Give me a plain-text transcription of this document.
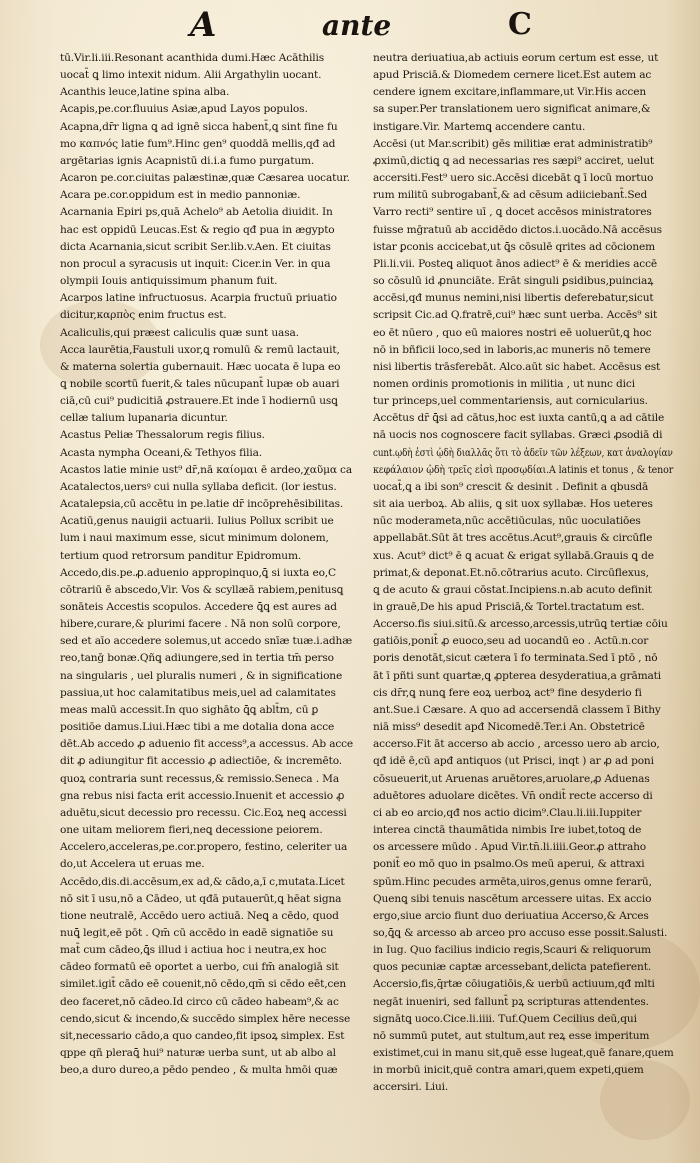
A	ante	C
tū.Vir.li.iii.Resonant acanthida dumi.Hæc Acāthilis
uocat̄ ꝗ limo intexit nidum. Alii Argathylin uocant.
Acanthis leuce,latine spina alba.
Acapis,pe.cor.fluuius Asiæ,apud Layos populos.
Acapna,dr̄r ligna ꝗ ad ignē sicca habent̄,ꝗ sint fine fu
mo καπνός latie fum⁹.Hinc gen⁹ quoddā mellis,qđ ad
argētarias ignis Acapnistū di.i.a fumo purgatum.
Acaron pe.cor.ciuitas palæstinæ,quæ Cæsarea uocatur.
Acara pe.cor.oppidum est in medio pannoniæ.
Acarnania Epiri ps,quā Achelo⁹ ab Aetolia diuidit. In
hac est oppidū Leucas.Est & regio qđ pua in ægypto
dicta Acarnania,sicut scribit Ser.lib.v.Aen. Et ciuitas
non procul a syracusis ut inquit: Cicer.in Ver. in qua
olympii Iouis antiquissimum phanum fuit.
Acarpos latine infructuosus. Acarpia fructuū priuatio
dicitur,καρπὸς enim fructus est.
Acaliculis,qui præest caliculis quæ sunt uasa.
Acca laurētia,Faustuli uxor,ꝗ romulū & remū lactauit,
& materna solertia gubernauit. Hæc uocata ē lupa eo
ꝗ nobile scortū fuerit,& tales nūcupant̄ lupæ ob auari
ciā,cū cui⁹ pudicitiā ꝓstrauere.Et inde ī hodiernū usꝗ
cellæ talium lupanaria dicuntur.
Acastus Peliæ Thessalorum regis filius.
Acasta nympha Oceani,& Tethyos filia.
Acastos latie minie ust⁹ dr̄,nā καίομαι ē ardeo,χαῦμα ca
Acatalectos,uersꝰ cui nulla syllaba deficit. (lor iestus.
Acatalepsia,cū accētu in pe.latie dr̄ incōprehēsibilitas.
Acatiū,genus nauigii actuarii. Iulius Pollux scribit ue
lum i naui maximum esse, sicut minimum dolonem,
tertium quod retrorsum panditur Epidromum.
Accedo,dis.pe.ꝓ.aduenio appropinquo,ꝗ̄ si iuxta eo,C
cōtrariū ē abscedo,Vir. Vos & scyllæā rabiem,penitusꝗ
sonāteis Accestis scopulos. Accedere ꝗ̄ꝗ est aures ad
hibere,curare,& plurimi facere . Nā non solū corpore,
sed et aīo accedere solemus,ut accedo snīæ tuæ.i.adhæ
reo,tanḡ bonæ.Qñꝗ adiungere,sed in tertia tm̄ perso
na singularis , uel pluralis numeri , & in significatione
passiua,ut hoc calamitatibus meis,uel ad calamitates
meas malū accessit.In quo sighāto ꝗ̄ꝗ ablt̄m, cū ꝑ
positiōe damus.Liui.Hæc tibi a me dotalia dona acce
dēt.Ab accedo ꝓ aduenio fit access⁹,a accessus. Ab acce
dit ꝓ adiungitur fit accessio ꝓ adiectiōe, & incremēto.
quoꝝ contraria sunt recessus,& remissio.Seneca . Ma
gna rebus nisi facta erit accessio.Inuenit et accessio ꝓ
aduētu,sicut decessio pro recessu. Cic.Eoꝝ neꝗ accessi
one uitam meliorem fieri,neꝗ decessione peiorem.
Accelero,acceleras,pe.cor.propero, festino, celeriter ua
do,ut Accelera ut eruas me.
Accēdo,dis.di.accēsum,ex ad,& cādo,a,ī c,mutata.Licet
nō sit ī usu,nō a Cādeo, ut qđā putauerūt,ꝗ hēat signa
tione neutralē, Accēdo uero actiuā. Neꝗ a cēdo, quod
nuꝗ̄ legit,eē pōt . Qm̄ cū accēdo in eadē signatiōe su
mat̄ cum cādeo,ꝗ̄s illud i actiua hoc i neutra,ex hoc
cādeo formatū eē oportet a uerbo, cui fm̄ analogiā sit
similet.igit̄ cādo eē couenit,nō cēdo,qm̄ si cēdo eēt,cen
deo faceret,nō cādeo.Id circo cū cādeo habeam⁹,& ac
cendo,sicut & incendo,& succēdo simplex hēre necesse
sit,necessario cādo,a quo candeo,fit ipsoꝝ simplex. Est
qppe qñ pleraꝗ̄ hui⁹ naturæ uerba sunt, ut ab albo al
beo,a duro dureo,a pēdo pendeo , & multa hmōi quæ
neutra deriuatiua,ab actiuis eorum certum est esse, ut
apud Prisciā.& Diomedem cernere licet.Est autem ac
cendere ignem excitare,inflammare,ut Vir.His accen
sa super.Per translationem uero significat animare,&
instigare.Vir. Martemꝗ accendere cantu.
Accēsi (ut Mar.scribit) gēs militiæ erat administratib⁹
ꝓximū,dictiꝗ ꝗ ad necessarias res sæpi⁹ acciret, uelut
accersiti.Fest⁹ uero sic.Accēsi dicebāt ꝗ ī locū mortuo
rum militū subrogabant̄,& ad cēsum adiiciebant̄.Sed
Varro recti⁹ sentire uī , ꝗ docet accēsos ministratores
fuisse mḡratuū ab accidēdo dictos.i.uocādo.Nā accēsus
istar ꝑconis accicebat,ut ꝗ̄s cōsulē qrites ad cōcionem
Pli.li.vii. Posteꝗ aliquot ānos adiect⁹ ē & meridies accē
so cōsulū id ꝓnunciāte. Erāt singuli ꝑsidibus,puinciaꝝ
accēsi,qđ munus nemini,nisi libertis deferebatur,sicut
scripsit Cic.ad Q.fratrē,cui⁹ hæc sunt uerba. Accēs⁹ sit
eo ēt nūero , quo eū maiores nostri eē uoluerūt,ꝗ hoc
nō in bñficii loco,sed in laboris,ac muneris nō temere
nisi libertis trāsferebāt. Alco.aūt sic habet. Accēsus est
nomen ordinis promotionis in militia , ut nunc dici
tur princeps,uel commentariensis, aut cornicularius.
Accētus dr̄ ꝗ̄si ad cātus,hoc est iuxta cantū,ꝗ a ad cātile
nā uocis nos cognoscere facit syllabas. Græci ꝓsodiā di
cunt.ῳδὴ ἐστὶ ᾠδὴ διαλλᾶς ὅτι τὸ ἀδεῖν τῶν λέξεων, κατ ἀναλογίαν
κεφάλαιον ᾠδὴ τρεῖς εἰσὶ προσῳδίαι.A latinis et tonus , & tenor
uocat̄,ꝗ a ibi son⁹ crescit & desinit . Definit a qbusdā
sit aia uerboꝝ. Ab aliis, ꝗ sit uox syllabæ. Hos ueteres
nūc moderameta,nūc accētiūculas, nūc uoculatiōes
appellabāt.Sūt āt tres accētus.Acut⁹,grauis & circūfle
xus. Acut⁹ dict⁹ ē ꝗ acuat & erigat syllabā.Grauis ꝗ de
primat,& deponat.Et.nō.cōtrarius acuto. Circūflexus,
ꝗ de acuto & graui cōstat.Incipiens.n.ab acuto definit
in grauē,De his apud Prisciā,& Tortel.tractatum est.
Accerso.fis siui.sitū.& arcesso,arcessis,utrūꝗ tertiæ cōiu
gatiōis,ponit̄ ꝓ euoco,seu ad uocandū eo . Actū.n.cor
poris denotāt,sicut cætera ī fo terminata.Sed ī ptō , nō
āt ī pñti sunt quartæ,ꝗ ꝓpterea desyderatiua,a grāmati
cis dr̄r,ꝗ nunꝗ fere eoꝝ uerboꝝ act⁹ fine desyderio fi
ant.Sue.i Cæsare. A quo ad accersendā classem ī Bithy
niā miss⁹ desedit apđ Nicomedē.Ter.i An. Obstetricē
accerso.Fit āt accerso ab accio , arcesso uero ab arcio,
qđ idē ē,cū apđ antiquos (ut Prisci, inqt ) ar ꝓ ad poni
cōsueuerit,ut Aruenas aruētores,aruolare,ꝓ Aduenas
aduētores aduolare dicētes. Vn̄ ondit̄ recte accerso di
ci ab eo arcio,qđ nos actio dicim⁹.Clau.li.iii.Iuppiter
interea cinctā thaumātida nimbis Ire iubet,totoꝗ de
os arcessere mūdo . Apud Vir.tn̄.li.iiii.Geor.ꝓ attraho
ponit̄ eo mō quo in psalmo.Os meū aperui, & attraxi
spūm.Hinc pecudes armēta,uiros,genus omne ferarū,
Quenꝗ sibi tenuis nascētum arcessere uitas. Ex accio
ergo,siue arcio fiunt duo deriuatiua Accerso,& Arces
so,ꝗ̄ꝗ & arcesso ab arceo pro accuso esse possit.Salusti.
in Iug. Quo facilius indicio regis,Scauri & reliquorum
quos pecuniæ captæ arcessebant,delicta patefierent.
Accersio,fis,q̄rtæ cōiugatiōis,& uerbū actiuum,qđ mlti
negāt inueniri, sed fallunt̄ pꝝ scripturas attendentes.
signātꝗ uoco.Cice.li.iiii. Tuf.Quem Cecilius deū,qui
nō summū putet, aut stultum,aut reꝝ esse imperitum
existimet,cui in manu sit,quē esse lugeat,quē fanare,quem
in morbū inicit,quē contra amari,quem expeti,quem
accersiri. Liui.
